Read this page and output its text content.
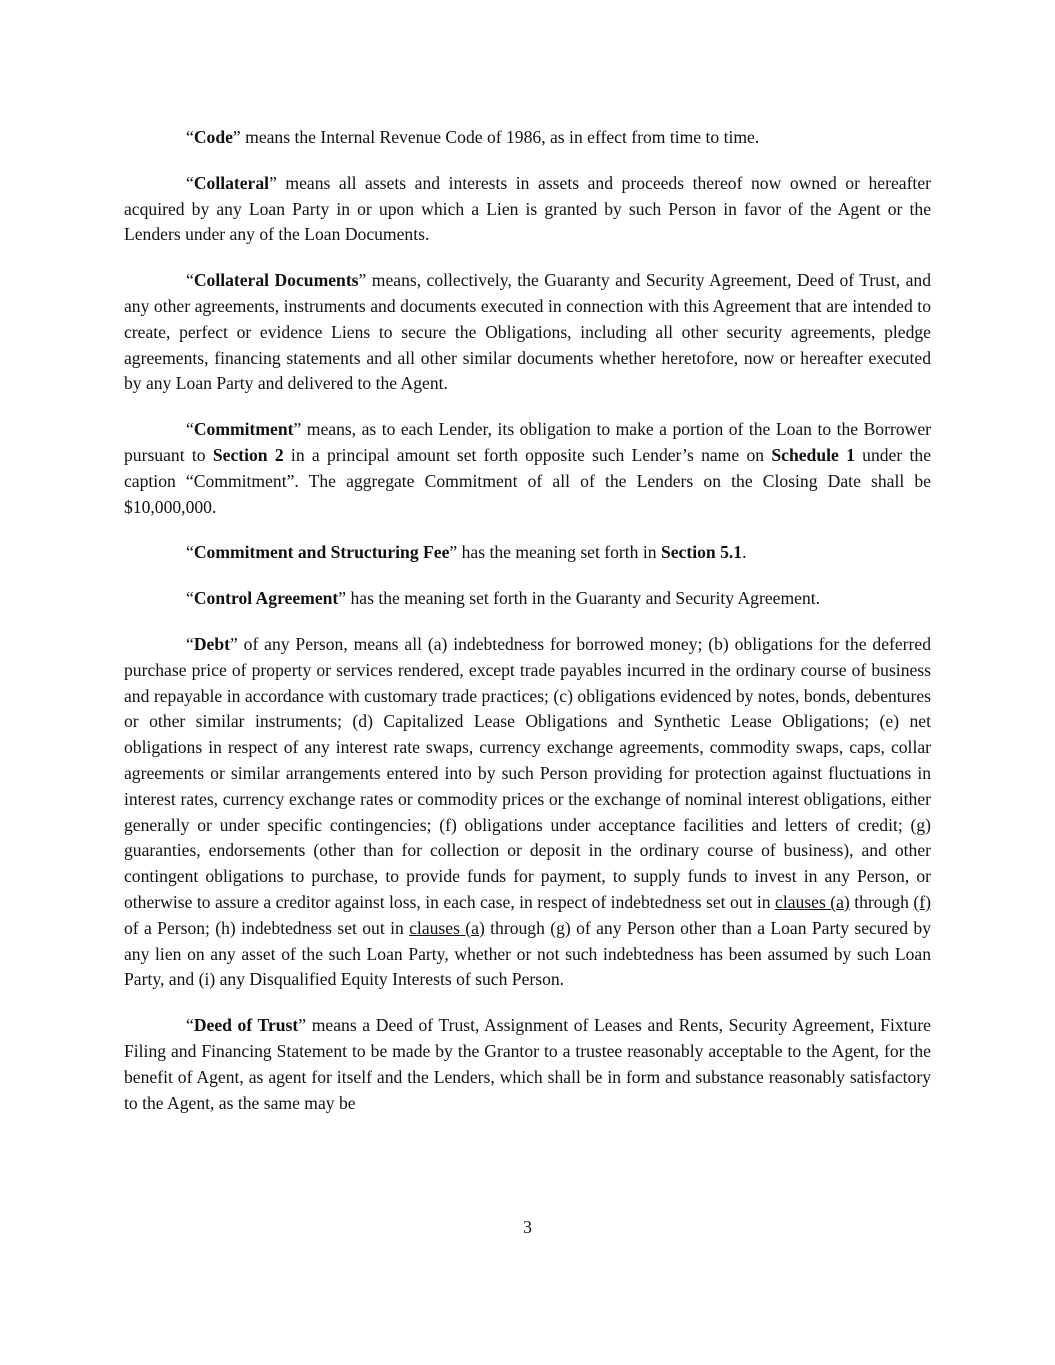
“Code” means the Internal Revenue Code of 1986, as in effect from time to time.

“Collateral” means all assets and interests in assets and proceeds thereof now owned or hereafter acquired by any Loan Party in or upon which a Lien is granted by such Person in favor of the Agent or the Lenders under any of the Loan Documents.

“Collateral Documents” means, collectively, the Guaranty and Security Agreement, Deed of Trust, and any other agreements, instruments and documents executed in connection with this Agreement that are intended to create, perfect or evidence Liens to secure the Obligations, including all other security agreements, pledge agreements, financing statements and all other similar documents whether heretofore, now or hereafter executed by any Loan Party and delivered to the Agent.

“Commitment” means, as to each Lender, its obligation to make a portion of the Loan to the Borrower pursuant to Section 2 in a principal amount set forth opposite such Lender’s name on Schedule 1 under the caption “Commitment”. The aggregate Commitment of all of the Lenders on the Closing Date shall be $10,000,000.

“Commitment and Structuring Fee” has the meaning set forth in Section 5.1.

“Control Agreement” has the meaning set forth in the Guaranty and Security Agreement.

“Debt” of any Person, means all (a) indebtedness for borrowed money; (b) obligations for the deferred purchase price of property or services rendered, except trade payables incurred in the ordinary course of business and repayable in accordance with customary trade practices; (c) obligations evidenced by notes, bonds, debentures or other similar instruments; (d) Capitalized Lease Obligations and Synthetic Lease Obligations; (e) net obligations in respect of any interest rate swaps, currency exchange agreements, commodity swaps, caps, collar agreements or similar arrangements entered into by such Person providing for protection against fluctuations in interest rates, currency exchange rates or commodity prices or the exchange of nominal interest obligations, either generally or under specific contingencies; (f) obligations under acceptance facilities and letters of credit; (g) guaranties, endorsements (other than for collection or deposit in the ordinary course of business), and other contingent obligations to purchase, to provide funds for payment, to supply funds to invest in any Person, or otherwise to assure a creditor against loss, in each case, in respect of indebtedness set out in clauses (a) through (f) of a Person; (h) indebtedness set out in clauses (a) through (g) of any Person other than a Loan Party secured by any lien on any asset of the such Loan Party, whether or not such indebtedness has been assumed by such Loan Party, and (i) any Disqualified Equity Interests of such Person.

“Deed of Trust” means a Deed of Trust, Assignment of Leases and Rents, Security Agreement, Fixture Filing and Financing Statement to be made by the Grantor to a trustee reasonably acceptable to the Agent, for the benefit of Agent, as agent for itself and the Lenders, which shall be in form and substance reasonably satisfactory to the Agent, as the same may be

3
